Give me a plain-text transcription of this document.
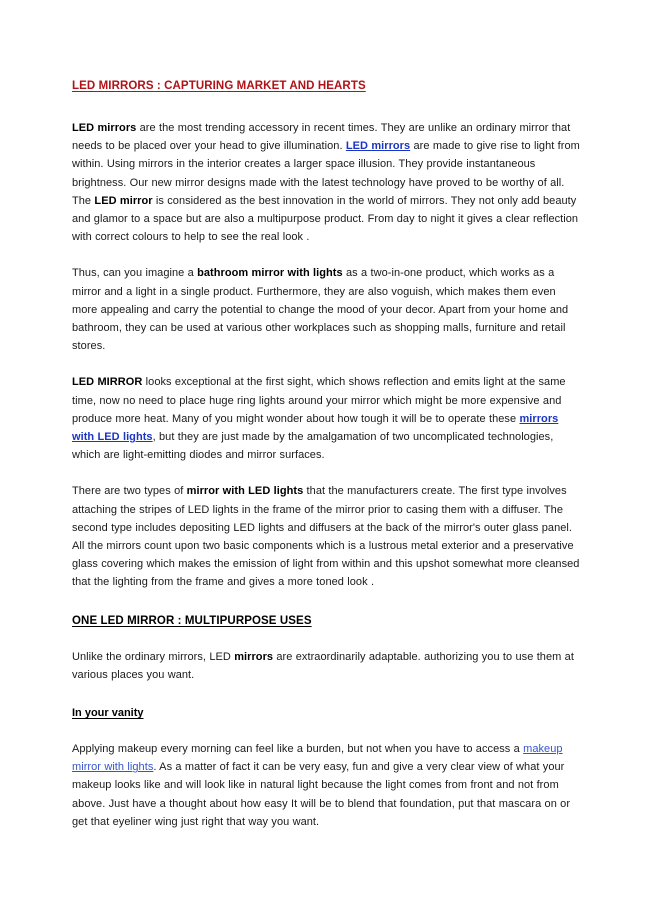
LED MIRRORS : CAPTURING MARKET AND HEARTS

LED mirrors are the most trending accessory in recent times. They are unlike an ordinary mirror that needs to be placed over your head to give illumination. LED mirrors are made to give rise to light from within. Using mirrors in the interior creates a larger space illusion. They provide instantaneous brightness. Our new mirror designs made with the latest technology have proved to be worthy of all. The LED mirror is considered as the best innovation in the world of mirrors. They not only add beauty and glamor to a space but are also a multipurpose product. From day to night it gives a clear reflection with correct colours to help to see the real look .

Thus, can you imagine a bathroom mirror with lights as a two-in-one product, which works as a mirror and a light in a single product. Furthermore, they are also voguish, which makes them even more appealing and carry the potential to change the mood of your decor. Apart from your home and bathroom, they can be used at various other workplaces such as shopping malls, furniture and retail stores.

LED MIRROR looks exceptional at the first sight, which shows reflection and emits light at the same time, now no need to place huge ring lights around your mirror which might be more expensive and produce more heat. Many of you might wonder about how tough it will be to operate these mirrors with LED lights, but they are just made by the amalgamation of two uncomplicated technologies, which are light-emitting diodes and mirror surfaces.

There are two types of mirror with LED lights that the manufacturers create. The first type involves attaching the stripes of LED lights in the frame of the mirror prior to casing them with a diffuser. The second type includes depositing LED lights and diffusers at the back of the mirror's outer glass panel. All the mirrors count upon two basic components which is a lustrous metal exterior and a preservative glass covering which makes the emission of light from within and this upshot somewhat more cleansed that the lighting from the frame and gives a more toned look .

ONE LED MIRROR : MULTIPURPOSE USES

Unlike the ordinary mirrors, LED mirrors are extraordinarily adaptable. authorizing you to use them at various places you want.

In your vanity

Applying makeup every morning can feel like a burden, but not when you have to access a makeup mirror with lights. As a matter of fact it can be very easy, fun and give a very clear view of what your makeup looks like and will look like in natural light because the light comes from front and not from above. Just have a thought about how easy It will be to blend that foundation, put that mascara on or get that eyeliner wing just right that way you want.
